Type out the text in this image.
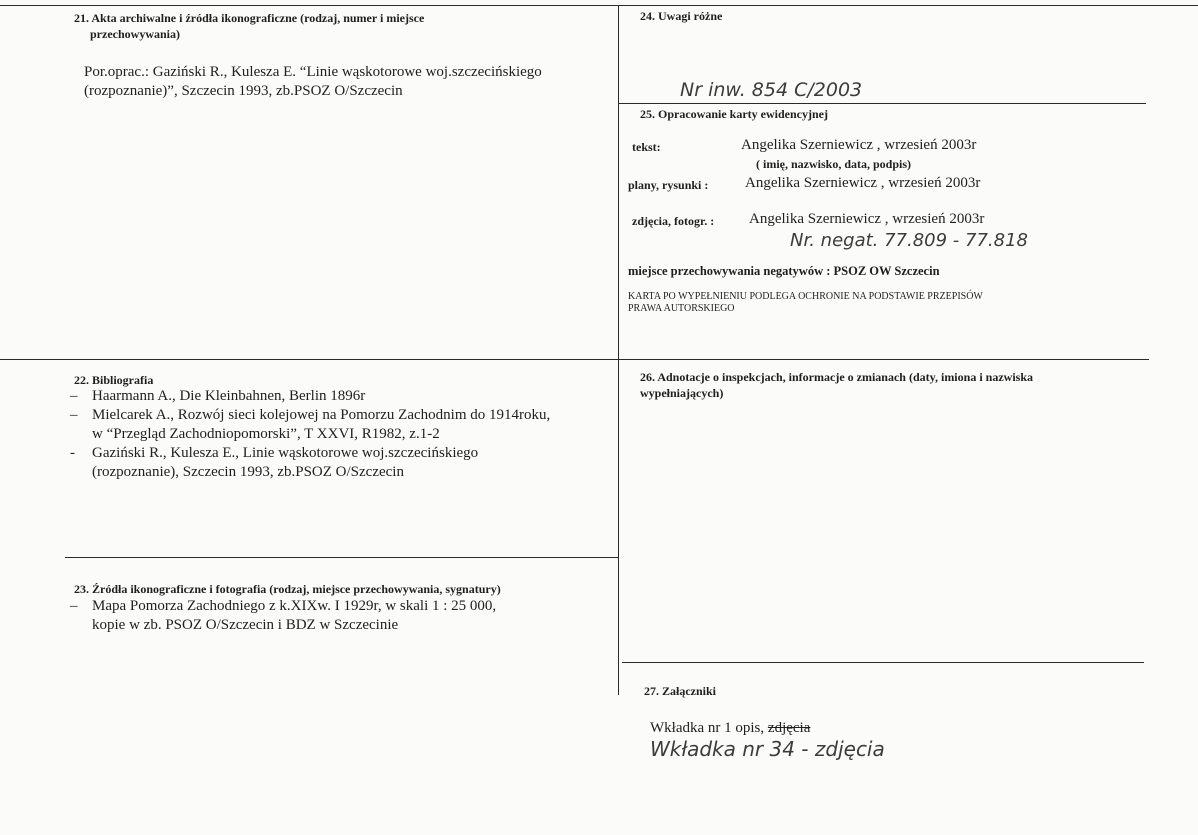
21. Akta archiwalne i źródła ikonograficzne (rodzaj, numer i miejsce
przechowywania)
Por.oprac.: Gaziński R., Kulesza E. “Linie wąskotorowe woj.szczecińskiego
(rozpoznanie)”, Szczecin 1993, zb.PSOZ O/Szczecin
24. Uwagi różne
Nr inw. 854 C/2003
25. Opracowanie karty ewidencyjnej
tekst:	Angelika Szerniewicz , wrzesień 2003r
( imię, nazwisko, data, podpis)
plany, rysunki : Angelika Szerniewicz , wrzesień 2003r
zdjęcia, fotogr. : Angelika Szerniewicz , wrzesień 2003r
Nr. negat. 77.809 - 77.818
miejsce przechowywania negatywów : PSOZ OW Szczecin
KARTA PO WYPEŁNIENIU PODLEGA OCHRONIE NA PODSTAWIE PRZEPISÓW
PRAWA AUTORSKIEGO
22. Bibliografia
– Haarmann A., Die Kleinbahnen, Berlin 1896r
– Mielcarek A., Rozwój sieci kolejowej na Pomorzu Zachodnim do 1914roku,
w “Przegląd Zachodniopomorski”, T XXVI, R1982, z.1-2
- Gaziński R., Kulesza E., Linie wąskotorowe woj.szczecińskiego
(rozpoznanie), Szczecin 1993, zb.PSOZ O/Szczecin
26. Adnotacje o inspekcjach, informacje o zmianach (daty, imiona i nazwiska
wypełniających)
23. Źródła ikonograficzne i fotografia (rodzaj, miejsce przechowywania, sygnatury)
– Mapa Pomorza Zachodniego z k.XIXw. I 1929r, w skali 1 : 25 000,
kopie w zb. PSOZ O/Szczecin i BDZ w Szczecinie
27. Załączniki
Wkładka nr 1 opis, zdjęcia
Wkładka nr 34 - zdjęcia
